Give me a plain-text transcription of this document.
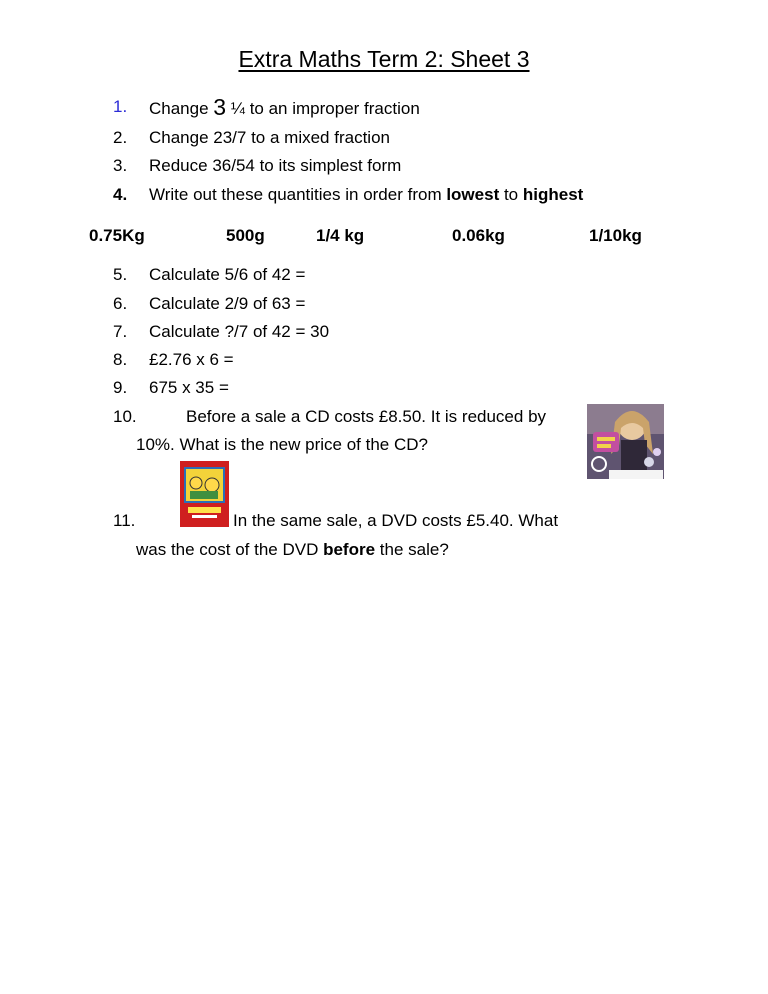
Extra Maths Term 2: Sheet 3
1. Change 3 ¼ to an improper fraction
2. Change 23/7 to a mixed fraction
3. Reduce 36/54 to its simplest form
4. Write out these quantities in order from lowest to highest
0.75Kg	500g	1/4 kg	0.06kg	1/10kg
5. Calculate 5/6 of 42 =
6. Calculate 2/9 of 63 =
7. Calculate ?/7 of 42 = 30
8. £2.76 x 6 =
9. 675 x 35 =
10.	Before a sale a CD costs £8.50. It is reduced by
10%. What is the new price of the CD?
11.	In the same sale, a DVD costs £5.40. What
was the cost of the DVD before the sale?
